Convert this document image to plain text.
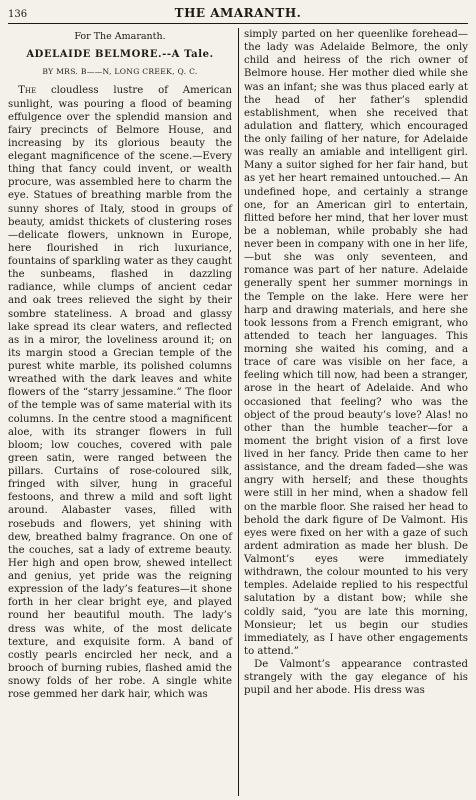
136	THE AMARANTH.
For The Amaranth.
ADELAIDE BELMORE.--A Tale.
BY MRS. B——N, LONG CREEK, Q. C.

 The cloudless lustre of American sunlight, was pouring a flood of beaming effulgence over the splendid mansion and fairy precincts of Belmore House, and increasing by its glorious beauty the elegant magnificence of the scene.—Every thing that fancy could invent, or wealth procure, was assembled here to charm the eye. Statues of breathing marble from the sunny shores of Italy, stood in groups of beauty, amidst thickets of clustering roses—delicate flowers, unknown in Europe, here flourished in rich luxuriance, fountains of sparkling water as they caught the sunbeams, flashed in dazzling radiance, while clumps of ancient cedar and oak trees relieved the sight by their sombre stateliness. A broad and glassy lake spread its clear waters, and reflected as in a miror, the loveliness around it; on its margin stood a Grecian temple of the purest white marble, its polished columns wreathed with the dark leaves and white flowers of the “starry jessamine.” The floor of the temple was of same material with its columns. In the centre stood a magnificent aloe, with its stranger flowers in full bloom; low couches, covered with pale green satin, were ranged between the pillars. Curtains of rose-coloured silk, fringed with silver, hung in graceful festoons, and threw a mild and soft light around. Alabaster vases, filled with rosebuds and flowers, yet shining with dew, breathed balmy fragrance. On one of the couches, sat a lady of extreme beauty. Her high and open brow, shewed intellect and genius, yet pride was the reigning expression of the lady’s features—it shone forth in her clear bright eye, and played round her beautiful mouth. The lady’s dress was white, of the most delicate texture, and exquisite form. A band of costly pearls encircled her neck, and a brooch of burning rubies, flashed amid the snowy folds of her robe. A single white rose gemmed her dark hair, which was

simply parted on her queenlike forehead—the lady was Adelaide Belmore, the only child and heiress of the rich owner of Belmore house. Her mother died while she was an infant; she was thus placed early at the head of her father’s splendid establishment, when she received that adulation and flattery, which encouraged the only failing of her nature, for Adelaide was really an amiable and intelligent girl. Many a suitor sighed for her fair hand, but as yet her heart remained untouched.— An undefined hope, and certainly a strange one, for an American girl to entertain, flitted before her mind, that her lover must be a nobleman, while probably she had never been in company with one in her life,—but she was only seventeen, and romance was part of her nature. Adelaide generally spent her summer mornings in the Temple on the lake. Here were her harp and drawing materials, and here she took lessons from a French emigrant, who attended to teach her languages. This morning she waited his coming, and a trace of care was visible on her face, a feeling which till now, had been a stranger, arose in the heart of Adelaide. And who occasioned that feeling? who was the object of the proud beauty’s love? Alas! no other than the humble teacher—for a moment the bright vision of a first love lived in her fancy. Pride then came to her assistance, and the dream faded—she was angry with herself; and these thoughts were still in her mind, when a shadow fell on the marble floor. She raised her head to behold the dark figure of De Valmont. His eyes were fixed on her with a gaze of such ardent admiration as made her blush. De Valmont’s eyes were immediately withdrawn, the colour mounted to his very temples. Adelaide replied to his respectful salutation by a distant bow; while she coldly said, “you are late this morning, Monsieur; let us begin our studies immediately, as I have other engagements to attend.”

 De Valmont’s appearance contrasted strangely with the gay elegance of his pupil and her abode. His dress was
